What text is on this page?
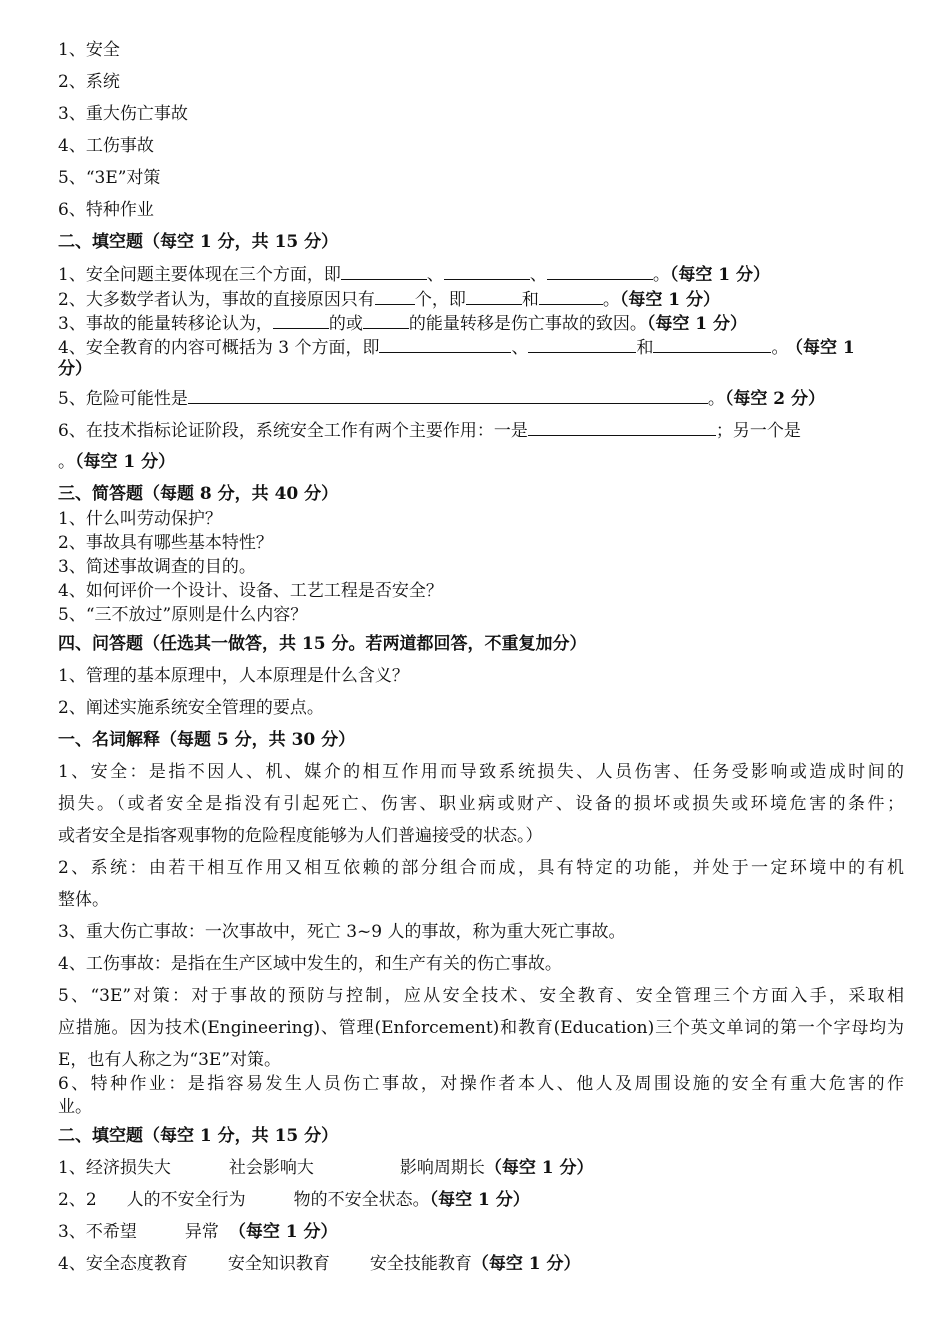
1、安全
2、系统
3、重大伤亡事故
4、工伤事故
5、“3E”对策
6、特种作业
二、填空题（每空 1 分，共 15 分）
1、安全问题主要体现在三个方面，即	、	、	。（每空 1 分）
2、大多数学者认为，事故的直接原因只有 个，即	和	。（每空 1 分）
3、事故的能量转移论认为，	的或	的能量转移是伤亡事故的致因。（每空 1 分）
4、安全教育的内容可概括为 3 个方面，即	、	和	。 （每空 1
分）
5、危险可能性是	。（每空 2 分）
6、在技术指标论证阶段，系统安全工作有两个主要作用：一是	；另一个是
。（每空 1 分）
三、简答题（每题 8 分，共 40 分）
1、什么叫劳动保护？
2、事故具有哪些基本特性？
3、简述事故调查的目的。
4、如何评价一个设计、设备、工艺工程是否安全？
5、“三不放过”原则是什么内容？
四、问答题（任选其一做答，共 15 分。若两道都回答，不重复加分）
1、管理的基本原理中，人本原理是什么含义？
2、阐述实施系统安全管理的要点。
一、名词解释（每题 5 分，共 30 分）
1、安全：是指不因人、机、媒介的相互作用而导致系统损失、人员伤害、任务受影响或造成时间的
损失。（或者安全是指没有引起死亡、伤害、职业病或财产、设备的损坏或损失或环境危害的条件；
或者安全是指客观事物的危险程度能够为人们普遍接受的状态。）
2、系统：由若干相互作用又相互依赖的部分组合而成，具有特定的功能，并处于一定环境中的有机
整体。
3、重大伤亡事故：一次事故中，死亡 3~9 人的事故，称为重大死亡事故。
4、工伤事故：是指在生产区域中发生的，和生产有关的伤亡事故。
5、“3E”对策：对于事故的预防与控制，应从安全技术、安全教育、安全管理三个方面入手，采取相
应措施。因为技术(Engineering)、管理(Enforcement)和教育(Education)三个英文单词的第一个字母均为
E，也有人称之为“3E”对策。
6、特种作业：是指容易发生人员伤亡事故，对操作者本人、他人及周围设施的安全有重大危害的作
业。
二、填空题（每空 1 分，共 15 分）
1、经济损失大	社会影响大	影响周期长（每空 1 分）
2、2 人的不安全行为	物的不安全状态。（每空 1 分）
3、不希望	异常 （每空 1 分）
4、安全态度教育 安全知识教育 安全技能教育（每空 1 分）
